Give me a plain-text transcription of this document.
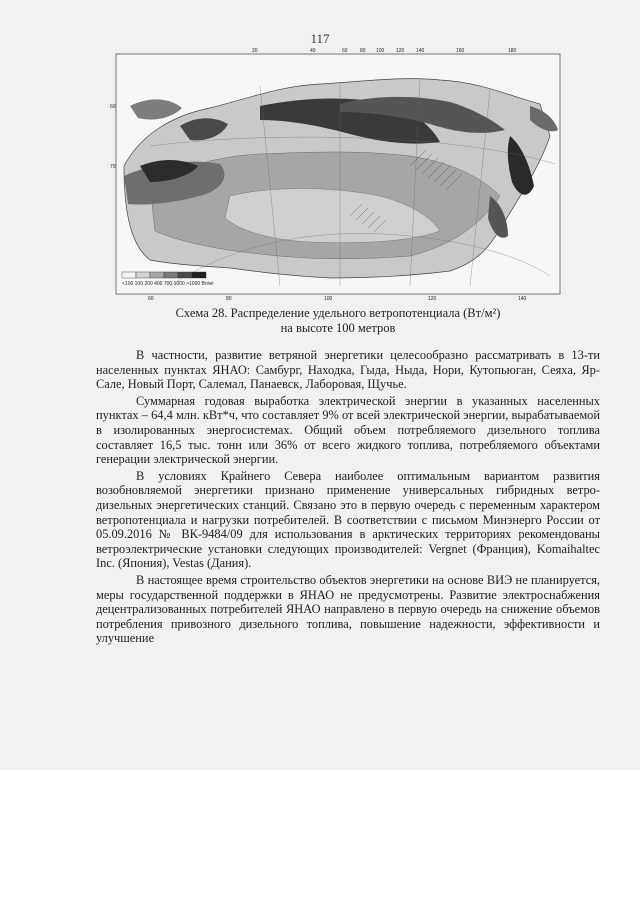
117
20	40	60 80 100 120 140	160	180
60
70
<100 100 200 400 700 1000 >1000 Вт/м²
60	80	100	120	140
Схема 28. Распределение удельного ветропотенциала (Вт/м²)
на высоте 100 метров

В частности, развитие ветряной энергетики целесообразно рассматривать в 13-ти населенных пунктах ЯНАО: Самбург, Находка, Гыда, Ныда, Нори, Кутопьюган, Сеяха, Яр-Сале, Новый Порт, Салемал, Панаевск, Лаборовая, Щучье.

Суммарная годовая выработка электрической энергии в указанных населенных пунктах – 64,4 млн. кВт*ч, что составляет 9% от всей электрической энергии, вырабатываемой в изолированных энергосистемах. Общий объем потребляемого дизельного топлива составляет 16,5 тыс. тонн или 36% от всего жидкого топлива, потребляемого объектами генерации электрической энергии.

В условиях Крайнего Севера наиболее оптимальным вариантом развития возобновляемой энергетики признано применение универсальных гибридных ветро-дизельных энергетических станций. Связано это в первую очередь с переменным характером ветропотенциала и нагрузки потребителей. В соответствии с письмом Минэнерго России от 05.09.2016 № ВК-9484/09 для использования в арктических территориях рекомендованы ветроэлектрические установки следующих производителей: Vergnet (Франция), Komaihaltec Inc. (Япония), Vestas (Дания).

В настоящее время строительство объектов энергетики на основе ВИЭ не планируется, меры государственной поддержки в ЯНАО не предусмотрены. Развитие электроснабжения децентрализованных потребителей ЯНАО направлено в первую очередь на снижение объемов потребления привозного дизельного топлива, повышение надежности, эффективности и улучшение
